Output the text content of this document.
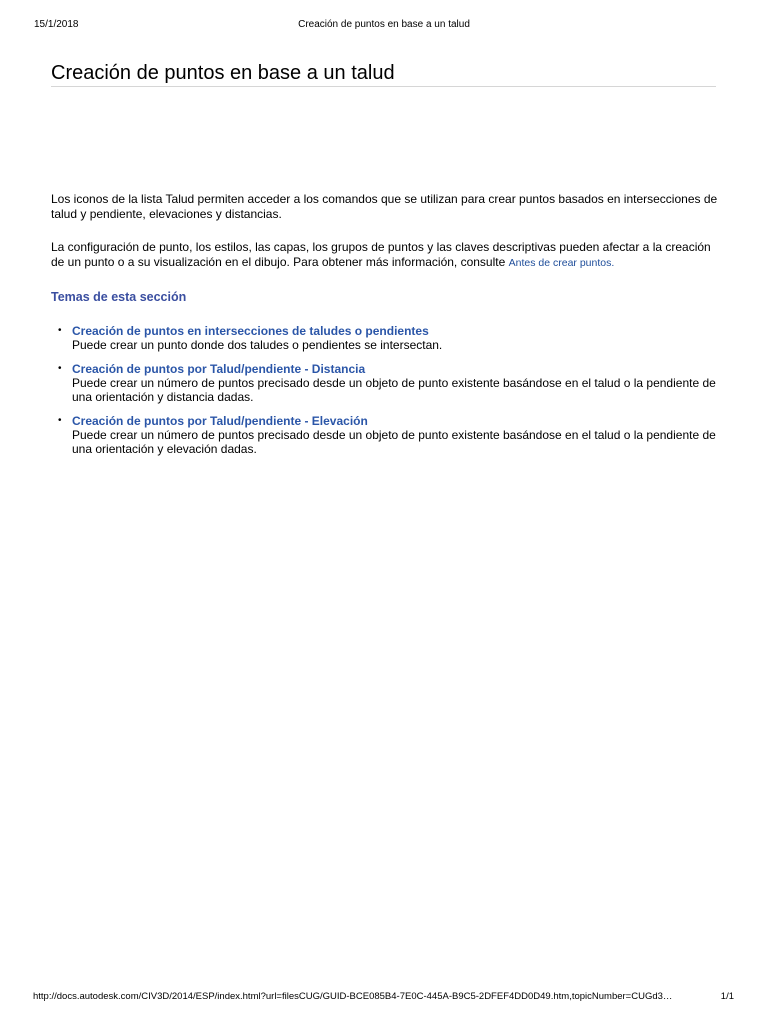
15/1/2018	Creación de puntos en base a un talud
Creación de puntos en base a un talud

Los iconos de la lista Talud permiten acceder a los comandos que se utilizan para crear puntos basados en intersecciones de talud y pendiente, elevaciones y distancias.

La configuración de punto, los estilos, las capas, los grupos de puntos y las claves descriptivas pueden afectar a la creación de un punto o a su visualización en el dibujo. Para obtener más información, consulte Antes de crear puntos.

Temas de esta sección
• Creación de puntos en intersecciones de taludes o pendientes
Puede crear un punto donde dos taludes o pendientes se intersectan.
• Creación de puntos por Talud/pendiente - Distancia
Puede crear un número de puntos precisado desde un objeto de punto existente basándose en el talud o la pendiente de una orientación y distancia dadas.
• Creación de puntos por Talud/pendiente - Elevación
Puede crear un número de puntos precisado desde un objeto de punto existente basándose en el talud o la pendiente de una orientación y elevación dadas.
http://docs.autodesk.com/CIV3D/2014/ESP/index.html?url=filesCUG/GUID-BCE085B4-7E0C-445A-B9C5-2DFEF4DD0D49.htm,topicNumber=CUGd3…	1/1
